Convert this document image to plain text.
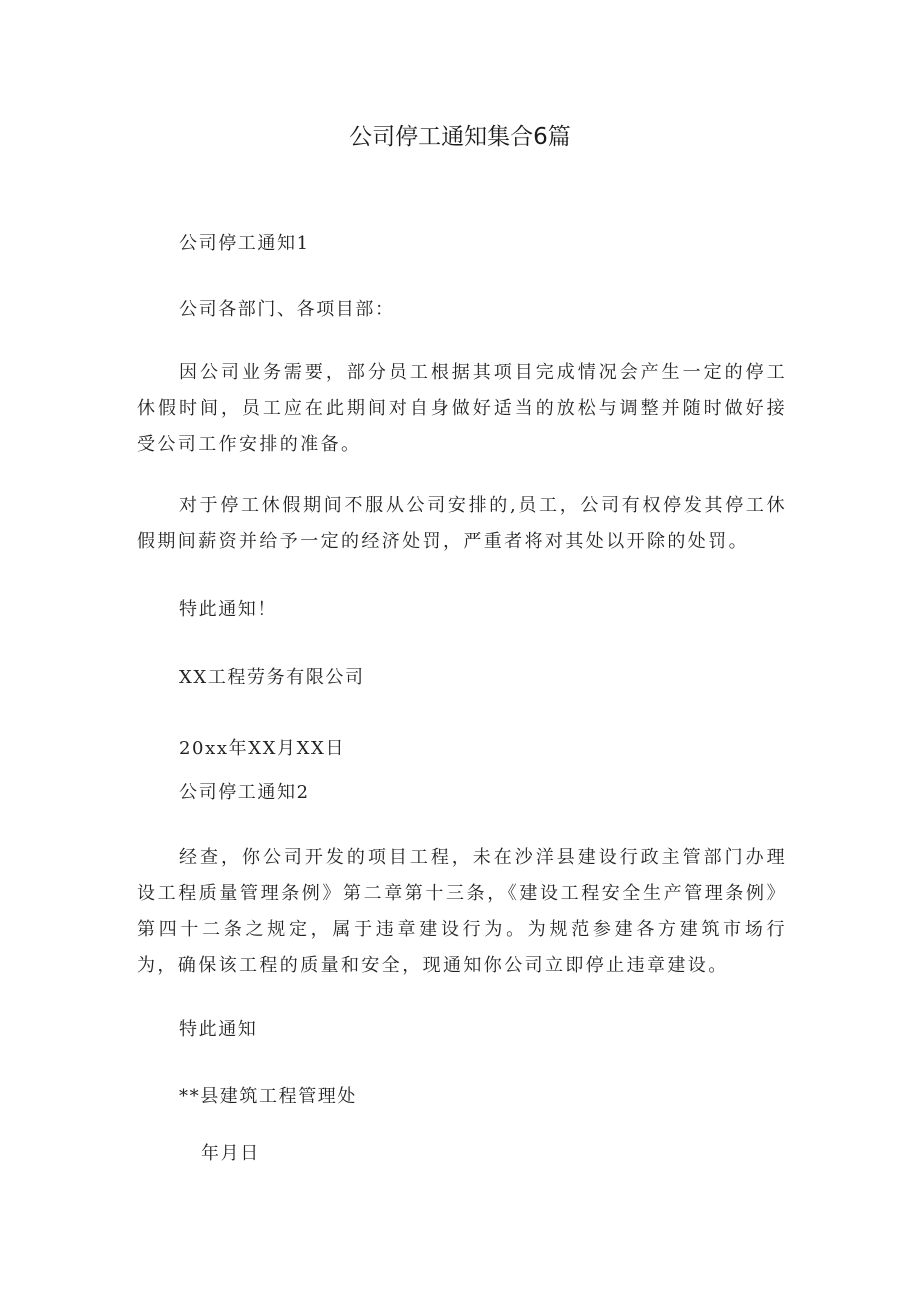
公司停工通知集合6篇
公司停工通知1
公司各部门、各项目部：
因公司业务需要，部分员工根据其项目完成情况会产生一定的停工休假时间，员工应在此期间对自身做好适当的放松与调整并随时做好接受公司工作安排的准备。
对于停工休假期间不服从公司安排的,员工，公司有权停发其停工休假期间薪资并给予一定的经济处罚，严重者将对其处以开除的处罚。
特此通知！
XX工程劳务有限公司
20xx年XX月XX日
公司停工通知2
经查，你公司开发的项目工程，未在沙洋县建设行政主管部门办理设工程质量管理条例》第二章第十三条，《建设工程安全生产管理条例》第四十二条之规定，属于违章建设行为。为规范参建各方建筑市场行为，确保该工程的质量和安全，现通知你公司立即停止违章建设。
特此通知
**县建筑工程管理处
年月日
